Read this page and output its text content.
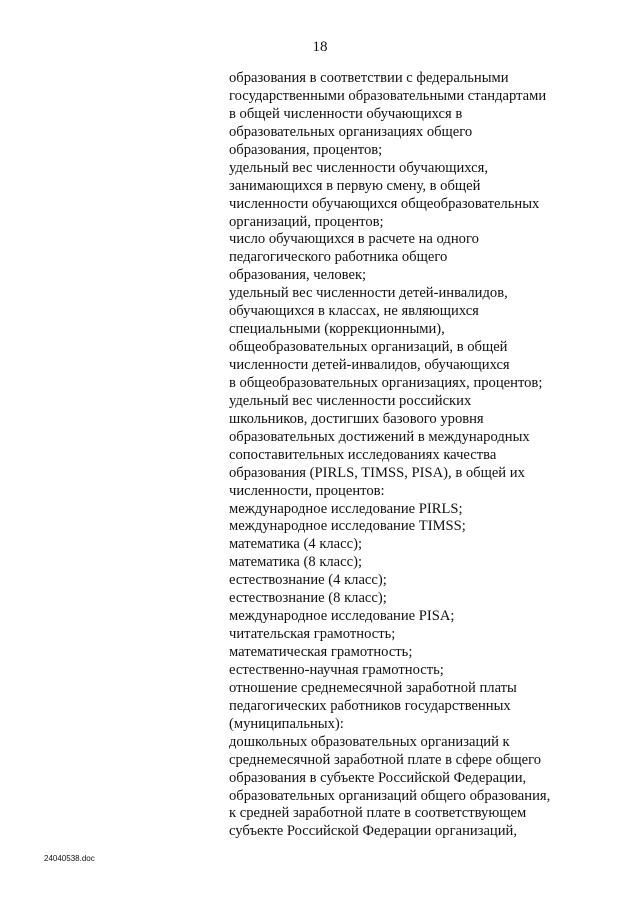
18
образования в соответствии с федеральными
государственными образовательными стандартами
в общей численности обучающихся в
образовательных организациях общего
образования, процентов;
удельный вес численности обучающихся,
занимающихся в первую смену, в общей
численности обучающихся общеобразовательных
организаций, процентов;
число обучающихся в расчете на одного
педагогического работника общего
образования, человек;
удельный вес численности детей-инвалидов,
обучающихся в классах, не являющихся
специальными (коррекционными),
общеобразовательных организаций, в общей
численности детей-инвалидов, обучающихся
в общеобразовательных организациях, процентов;
удельный вес численности российских
школьников, достигших базового уровня
образовательных достижений в международных
сопоставительных исследованиях качества
образования (PIRLS, TIMSS, PISA), в общей их
численности, процентов:
международное исследование PIRLS;
международное исследование TIMSS;
математика (4 класс);
математика (8 класс);
естествознание (4 класс);
естествознание (8 класс);
международное исследование PISA;
читательская грамотность;
математическая грамотность;
естественно-научная грамотность;
отношение среднемесячной заработной платы
педагогических работников государственных
(муниципальных):
дошкольных образовательных организаций к
среднемесячной заработной плате в сфере общего
образования в субъекте Российской Федерации,
образовательных организаций общего образования,
к средней заработной плате в соответствующем
субъекте Российской Федерации организаций,
24040538.doc
